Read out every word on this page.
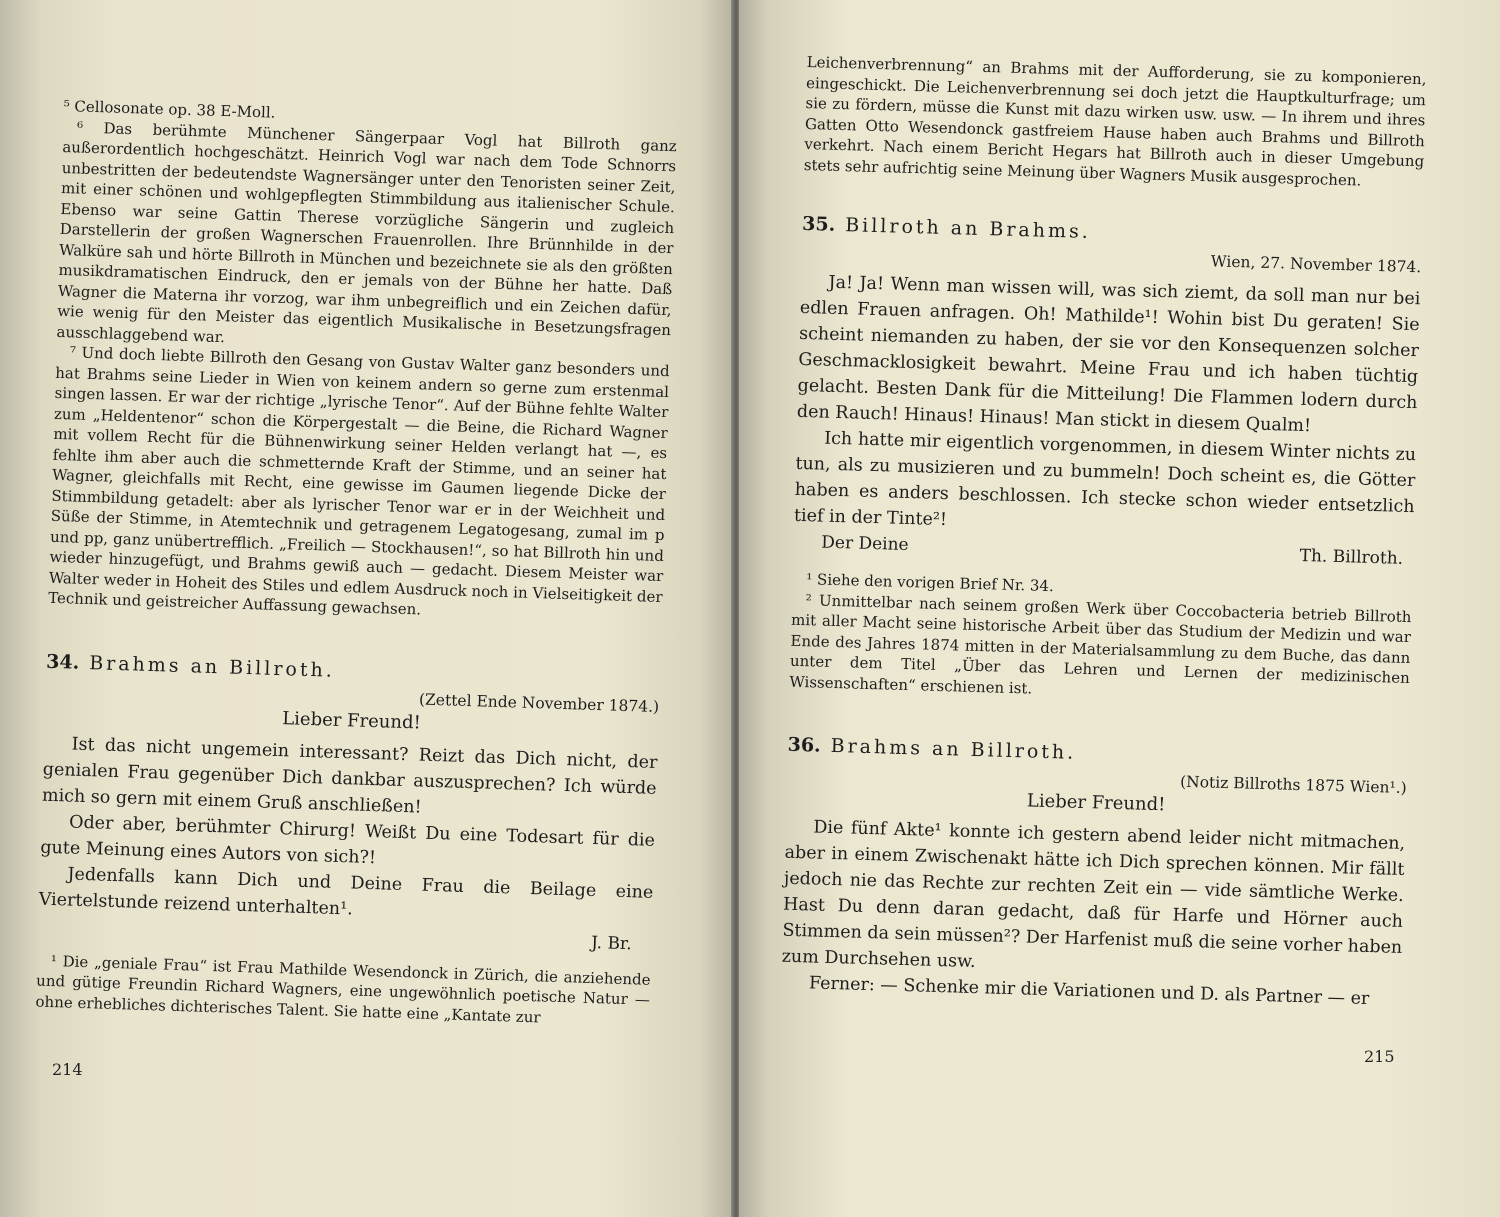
⁵ Cellosonate op. 38 E-Moll.

⁶ Das berühmte Münchener Sängerpaar Vogl hat Billroth ganz außerordentlich hochgeschätzt. Heinrich Vogl war nach dem Tode Schnorrs unbestritten der bedeutendste Wagnersänger unter den Tenoristen seiner Zeit, mit einer schönen und wohlgepflegten Stimmbildung aus italienischer Schule. Ebenso war seine Gattin Therese vorzügliche Sängerin und zugleich Darstellerin der großen Wagnerschen Frauenrollen. Ihre Brünnhilde in der Walküre sah und hörte Billroth in München und bezeichnete sie als den größten musikdramatischen Eindruck, den er jemals von der Bühne her hatte. Daß Wagner die Materna ihr vorzog, war ihm unbegreiflich und ein Zeichen dafür, wie wenig für den Meister das eigentlich Musikalische in Besetzungsfragen ausschlaggebend war.

⁷ Und doch liebte Billroth den Gesang von Gustav Walter ganz besonders und hat Brahms seine Lieder in Wien von keinem andern so gerne zum erstenmal singen lassen. Er war der richtige „lyrische Tenor“. Auf der Bühne fehlte Walter zum „Heldentenor“ schon die Körpergestalt — die Beine, die Richard Wagner mit vollem Recht für die Bühnenwirkung seiner Helden verlangt hat —, es fehlte ihm aber auch die schmetternde Kraft der Stimme, und an seiner hat Wagner, gleichfalls mit Recht, eine gewisse im Gaumen liegende Dicke der Stimmbildung getadelt: aber als lyrischer Tenor war er in der Weichheit und Süße der Stimme, in Atemtechnik und getragenem Legatogesang, zumal im p und pp, ganz unübertrefflich. „Freilich — Stockhausen!“, so hat Billroth hin und wieder hinzugefügt, und Brahms gewiß auch — gedacht. Diesem Meister war Walter weder in Hoheit des Stiles und edlem Ausdruck noch in Vielseitigkeit der Technik und geistreicher Auffassung gewachsen.

34. Brahms an Billroth.

(Zettel Ende November 1874.)

Lieber Freund!

Ist das nicht ungemein interessant? Reizt das Dich nicht, der genialen Frau gegenüber Dich dankbar auszusprechen? Ich würde mich so gern mit einem Gruß anschließen!

Oder aber, berühmter Chirurg! Weißt Du eine Todesart für die gute Meinung eines Autors von sich?!

Jedenfalls kann Dich und Deine Frau die Beilage eine Viertelstunde reizend unterhalten¹.

J. Br.

¹ Die „geniale Frau“ ist Frau Mathilde Wesendonck in Zürich, die anziehende und gütige Freundin Richard Wagners, eine ungewöhnlich poetische Natur — ohne erhebliches dichterisches Talent. Sie hatte eine „Kantate zur

214

Leichenverbrennung“ an Brahms mit der Aufforderung, sie zu komponieren, eingeschickt. Die Leichenverbrennung sei doch jetzt die Hauptkulturfrage; um sie zu fördern, müsse die Kunst mit dazu wirken usw. usw. — In ihrem und ihres Gatten Otto Wesendonck gastfreiem Hause haben auch Brahms und Billroth verkehrt. Nach einem Bericht Hegars hat Billroth auch in dieser Umgebung stets sehr aufrichtig seine Meinung über Wagners Musik ausgesprochen.

35. Billroth an Brahms.

Wien, 27. November 1874.

Ja! Ja! Wenn man wissen will, was sich ziemt, da soll man nur bei edlen Frauen anfragen. Oh! Mathilde¹! Wohin bist Du geraten! Sie scheint niemanden zu haben, der sie vor den Konsequenzen solcher Geschmacklosigkeit bewahrt. Meine Frau und ich haben tüchtig gelacht. Besten Dank für die Mitteilung! Die Flammen lodern durch den Rauch! Hinaus! Hinaus! Man stickt in diesem Qualm!

Ich hatte mir eigentlich vorgenommen, in diesem Winter nichts zu tun, als zu musizieren und zu bummeln! Doch scheint es, die Götter haben es anders beschlossen. Ich stecke schon wieder entsetzlich tief in der Tinte²!

Der Deine
Th. Billroth.

¹ Siehe den vorigen Brief Nr. 34.

² Unmittelbar nach seinem großen Werk über Coccobacteria betrieb Billroth mit aller Macht seine historische Arbeit über das Studium der Medizin und war Ende des Jahres 1874 mitten in der Materialsammlung zu dem Buche, das dann unter dem Titel „Über das Lehren und Lernen der medizinischen Wissenschaften“ erschienen ist.

36. Brahms an Billroth.

(Notiz Billroths 1875 Wien¹.)

Lieber Freund!

Die fünf Akte¹ konnte ich gestern abend leider nicht mitmachen, aber in einem Zwischenakt hätte ich Dich sprechen können. Mir fällt jedoch nie das Rechte zur rechten Zeit ein — vide sämtliche Werke. Hast Du denn daran gedacht, daß für Harfe und Hörner auch Stimmen da sein müssen²? Der Harfenist muß die seine vorher haben zum Durchsehen usw.

Ferner: — Schenke mir die Variationen und D. als Partner — er

215
